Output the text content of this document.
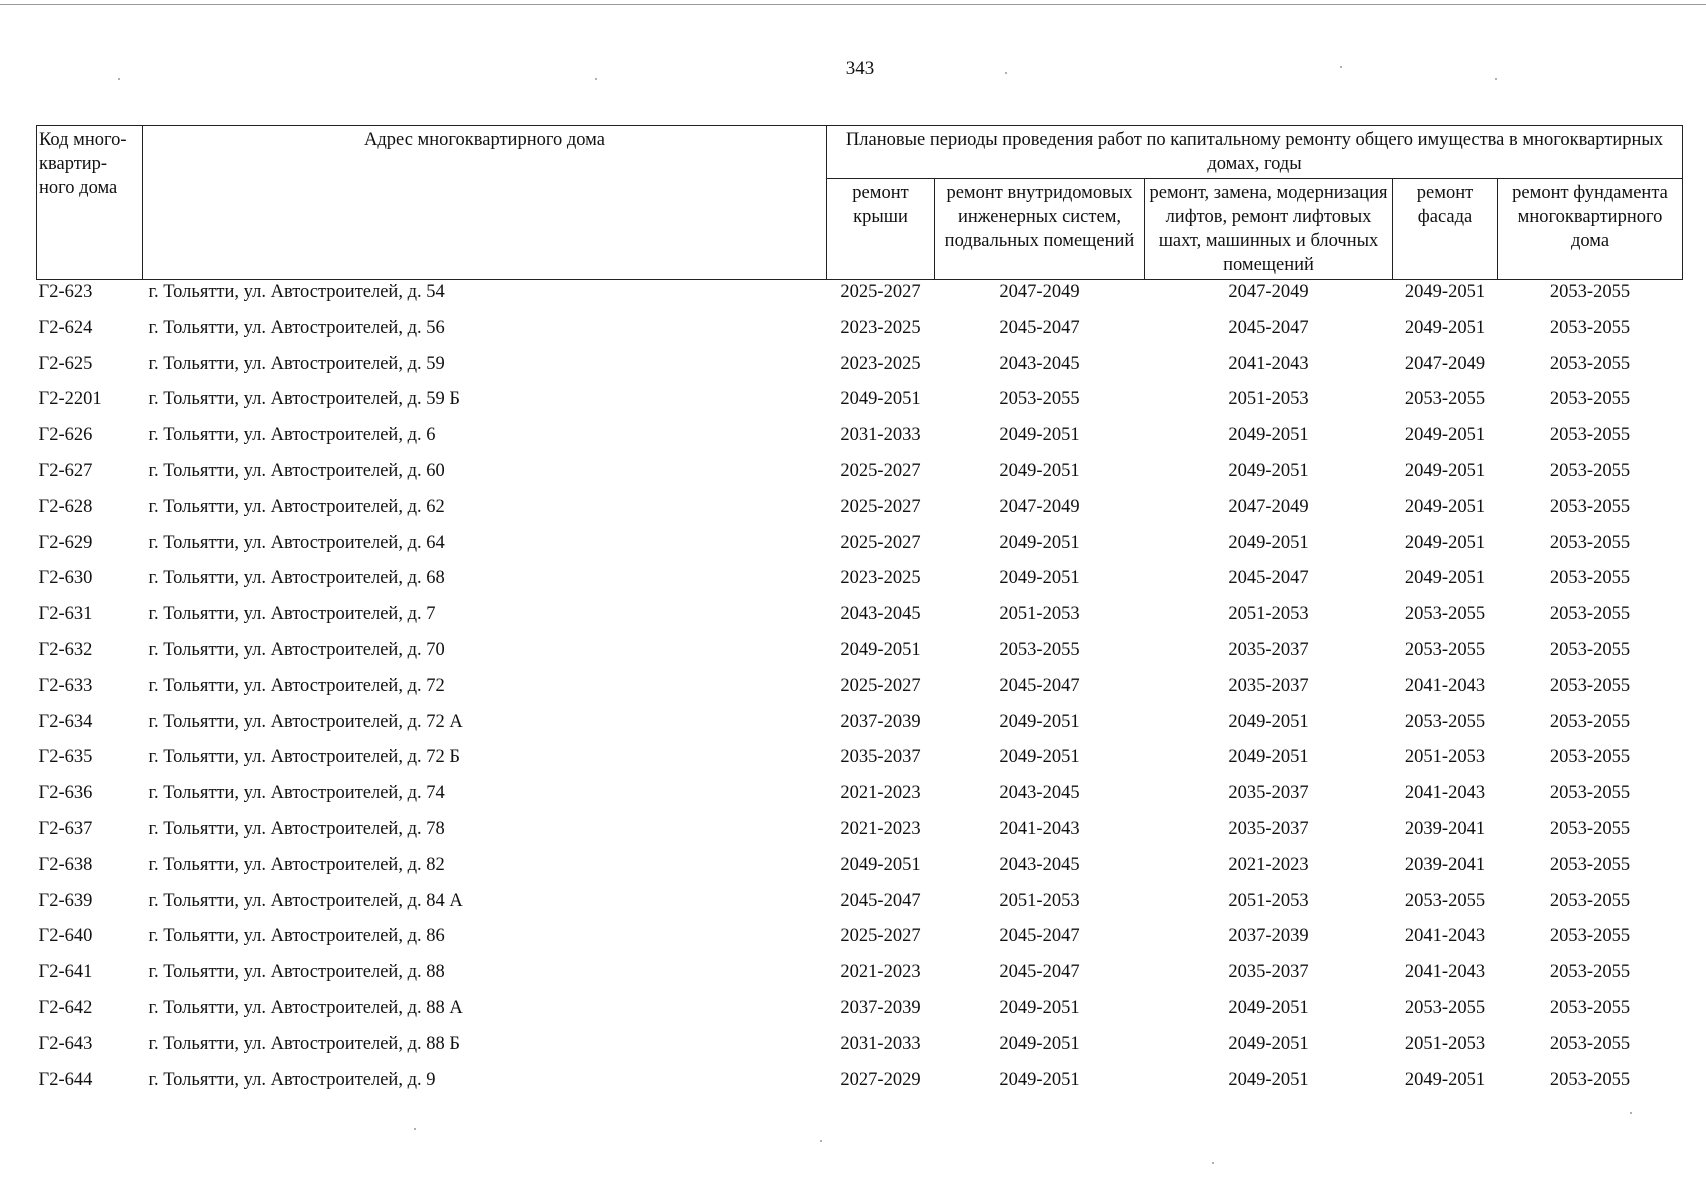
343
Код много-квартир-ного дома	Адрес многоквартирного дома	Плановые периоды проведения работ по капитальному ремонту общего имущества в многоквартирных домах, годы				
		ремонт крыши	ремонт внутридомовых инженерных систем, подвальных помещений	ремонт, замена, модернизация лифтов, ремонт лифтовых шахт, машинных и блочных помещений	ремонт фасада	ремонт фундамента многоквартирного дома
Г2-623	г. Тольятти, ул. Автостроителей, д. 54	2025-2027	2047-2049	2047-2049	2049-2051	2053-2055
Г2-624	г. Тольятти, ул. Автостроителей, д. 56	2023-2025	2045-2047	2045-2047	2049-2051	2053-2055
Г2-625	г. Тольятти, ул. Автостроителей, д. 59	2023-2025	2043-2045	2041-2043	2047-2049	2053-2055
Г2-2201	г. Тольятти, ул. Автостроителей, д. 59 Б	2049-2051	2053-2055	2051-2053	2053-2055	2053-2055
Г2-626	г. Тольятти, ул. Автостроителей, д. 6	2031-2033	2049-2051	2049-2051	2049-2051	2053-2055
Г2-627	г. Тольятти, ул. Автостроителей, д. 60	2025-2027	2049-2051	2049-2051	2049-2051	2053-2055
Г2-628	г. Тольятти, ул. Автостроителей, д. 62	2025-2027	2047-2049	2047-2049	2049-2051	2053-2055
Г2-629	г. Тольятти, ул. Автостроителей, д. 64	2025-2027	2049-2051	2049-2051	2049-2051	2053-2055
Г2-630	г. Тольятти, ул. Автостроителей, д. 68	2023-2025	2049-2051	2045-2047	2049-2051	2053-2055
Г2-631	г. Тольятти, ул. Автостроителей, д. 7	2043-2045	2051-2053	2051-2053	2053-2055	2053-2055
Г2-632	г. Тольятти, ул. Автостроителей, д. 70	2049-2051	2053-2055	2035-2037	2053-2055	2053-2055
Г2-633	г. Тольятти, ул. Автостроителей, д. 72	2025-2027	2045-2047	2035-2037	2041-2043	2053-2055
Г2-634	г. Тольятти, ул. Автостроителей, д. 72 А	2037-2039	2049-2051	2049-2051	2053-2055	2053-2055
Г2-635	г. Тольятти, ул. Автостроителей, д. 72 Б	2035-2037	2049-2051	2049-2051	2051-2053	2053-2055
Г2-636	г. Тольятти, ул. Автостроителей, д. 74	2021-2023	2043-2045	2035-2037	2041-2043	2053-2055
Г2-637	г. Тольятти, ул. Автостроителей, д. 78	2021-2023	2041-2043	2035-2037	2039-2041	2053-2055
Г2-638	г. Тольятти, ул. Автостроителей, д. 82	2049-2051	2043-2045	2021-2023	2039-2041	2053-2055
Г2-639	г. Тольятти, ул. Автостроителей, д. 84 А	2045-2047	2051-2053	2051-2053	2053-2055	2053-2055
Г2-640	г. Тольятти, ул. Автостроителей, д. 86	2025-2027	2045-2047	2037-2039	2041-2043	2053-2055
Г2-641	г. Тольятти, ул. Автостроителей, д. 88	2021-2023	2045-2047	2035-2037	2041-2043	2053-2055
Г2-642	г. Тольятти, ул. Автостроителей, д. 88 А	2037-2039	2049-2051	2049-2051	2053-2055	2053-2055
Г2-643	г. Тольятти, ул. Автостроителей, д. 88 Б	2031-2033	2049-2051	2049-2051	2051-2053	2053-2055
Г2-644	г. Тольятти, ул. Автостроителей, д. 9	2027-2029	2049-2051	2049-2051	2049-2051	2053-2055
